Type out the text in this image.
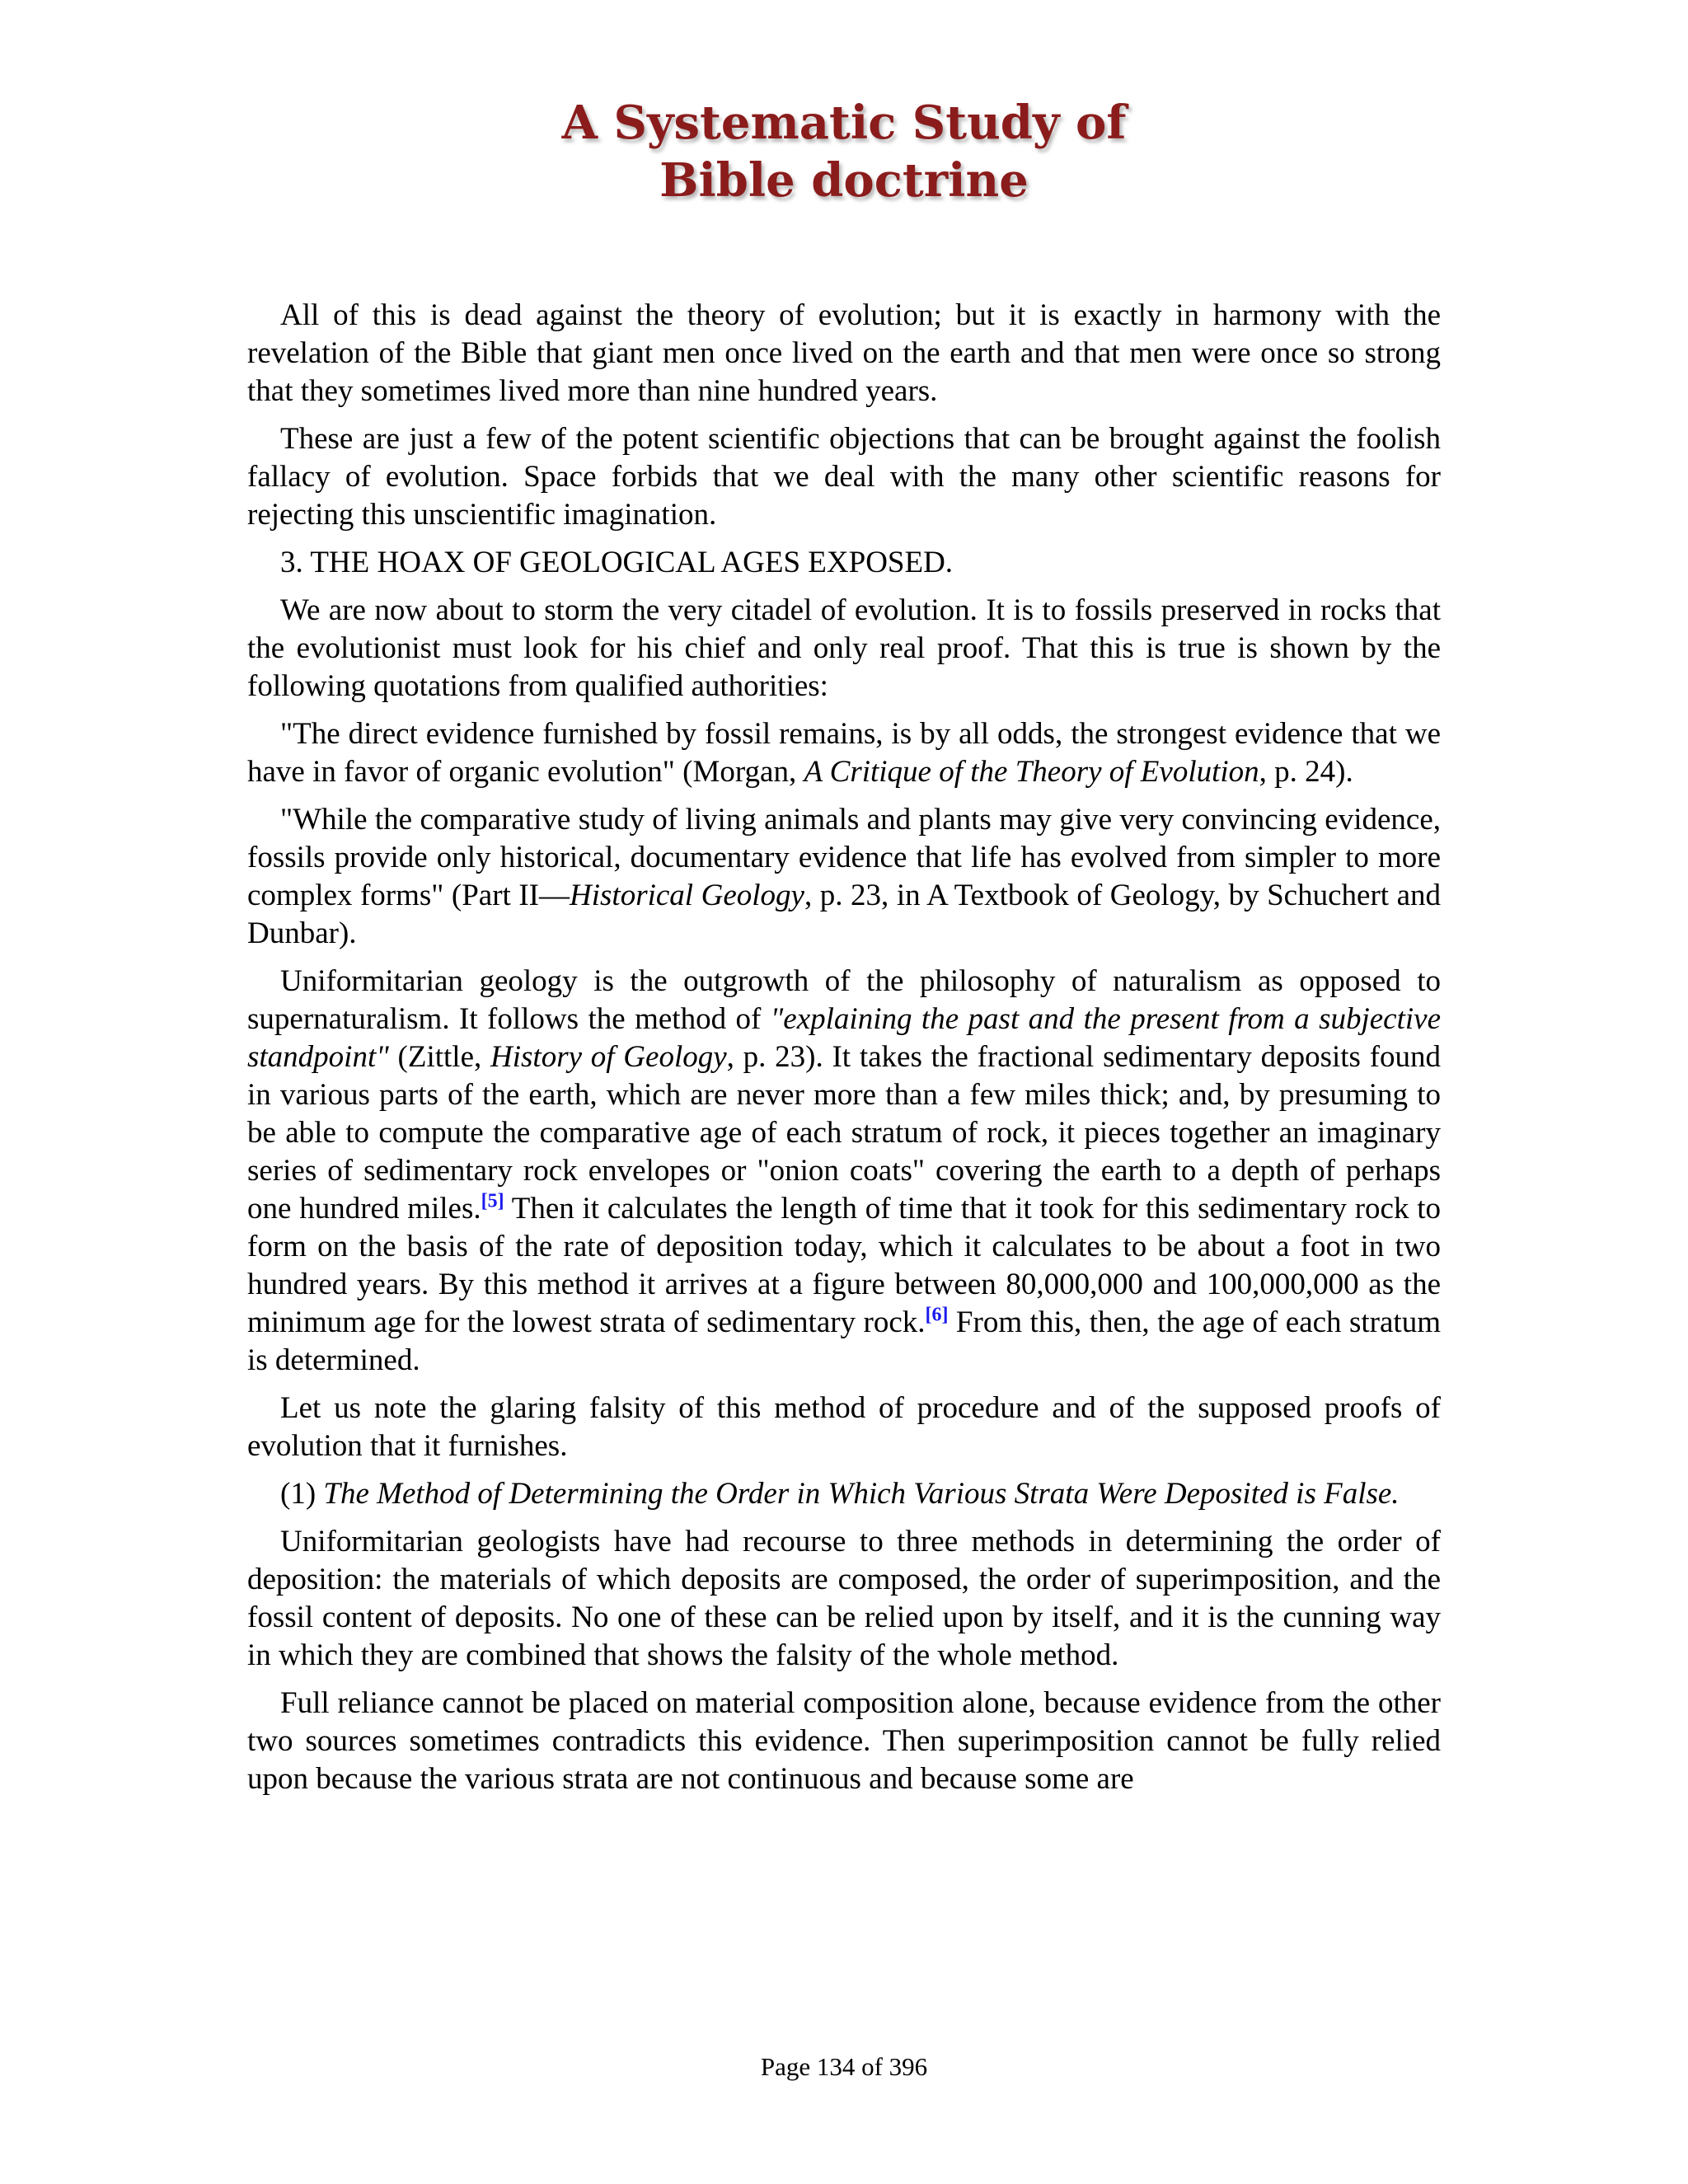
A Systematic Study of
Bible doctrine

All of this is dead against the theory of evolution; but it is exactly in harmony with the revelation of the Bible that giant men once lived on the earth and that men were once so strong that they sometimes lived more than nine hundred years.

These are just a few of the potent scientific objections that can be brought against the foolish fallacy of evolution. Space forbids that we deal with the many other scientific reasons for rejecting this unscientific imagination.

3. THE HOAX OF GEOLOGICAL AGES EXPOSED.

We are now about to storm the very citadel of evolution. It is to fossils preserved in rocks that the evolutionist must look for his chief and only real proof. That this is true is shown by the following quotations from qualified authorities:

"The direct evidence furnished by fossil remains, is by all odds, the strongest evidence that we have in favor of organic evolution" (Morgan, A Critique of the Theory of Evolution, p. 24).

"While the comparative study of living animals and plants may give very convincing evidence, fossils provide only historical, documentary evidence that life has evolved from simpler to more complex forms" (Part II—Historical Geology, p. 23, in A Textbook of Geology, by Schuchert and Dunbar).

Uniformitarian geology is the outgrowth of the philosophy of naturalism as opposed to supernaturalism. It follows the method of "explaining the past and the present from a subjective standpoint" (Zittle, History of Geology, p. 23). It takes the fractional sedimentary deposits found in various parts of the earth, which are never more than a few miles thick; and, by presuming to be able to compute the comparative age of each stratum of rock, it pieces together an imaginary series of sedimentary rock envelopes or "onion coats" covering the earth to a depth of perhaps one hundred miles.[5] Then it calculates the length of time that it took for this sedimentary rock to form on the basis of the rate of deposition today, which it calculates to be about a foot in two hundred years. By this method it arrives at a figure between 80,000,000 and 100,000,000 as the minimum age for the lowest strata of sedimentary rock.[6] From this, then, the age of each stratum is determined.

Let us note the glaring falsity of this method of procedure and of the supposed proofs of evolution that it furnishes.

(1) The Method of Determining the Order in Which Various Strata Were Deposited is False.

Uniformitarian geologists have had recourse to three methods in determining the order of deposition: the materials of which deposits are composed, the order of superimposition, and the fossil content of deposits. No one of these can be relied upon by itself, and it is the cunning way in which they are combined that shows the falsity of the whole method.

Full reliance cannot be placed on material composition alone, because evidence from the other two sources sometimes contradicts this evidence. Then superimposition cannot be fully relied upon because the various strata are not continuous and because some are

Page 134 of 396
